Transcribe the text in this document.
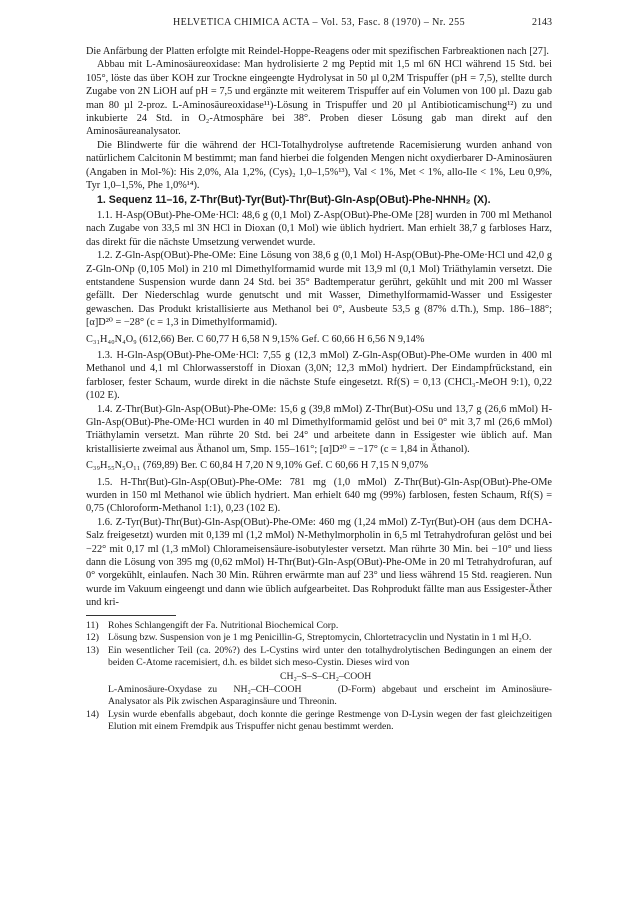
HELVETICA CHIMICA ACTA – Vol. 53, Fasc. 8 (1970) – Nr. 255	2143

Die Anfärbung der Platten erfolgte mit Reindel-Hoppe-Reagens oder mit spezifischen Farbreaktionen nach [27].

Abbau mit L-Aminosäureoxidase: Man hydrolisierte 2 mg Peptid mit 1,5 ml 6N HCl während 15 Std. bei 105°, löste das über KOH zur Trockne eingeengte Hydrolysat in 50 µl 0,2M Trispuffer (pH = 7,5), stellte durch Zugabe von 2N LiOH auf pH = 7,5 und ergänzte mit weiterem Trispuffer auf ein Volumen von 100 µl. Dazu gab man 80 µl 2-proz. L-Aminosäureoxidase¹¹)-Lösung in Trispuffer und 20 µl Antibioticamischung¹²) zu und inkubierte 24 Std. in O₂-Atmosphäre bei 38°. Proben dieser Lösung gab man direkt auf den Aminosäureanalysator.

Die Blindwerte für die während der HCl-Totalhydrolyse auftretende Racemisierung wurden anhand von natürlichem Calcitonin M bestimmt; man fand hierbei die folgenden Mengen nicht oxydierbarer D-Aminosäuren (Angaben in Mol-%): His 2,0%, Ala 1,2%, (Cys)₂ 1,0–1,5%¹³), Val < 1%, Met < 1%, allo-Ile < 1%, Leu 0,9%, Tyr 1,0–1,5%, Phe 1,0%¹⁴).

1. Sequenz 11–16, Z-Thr(But)-Tyr(But)-Thr(But)-Gln-Asp(OBut)-Phe-NHNH₂ (X).

1.1. H-Asp(OBut)-Phe-OMe·HCl: 48,6 g (0,1 Mol) Z-Asp(OBut)-Phe-OMe [28] wurden in 700 ml Methanol nach Zugabe von 33,5 ml 3N HCl in Dioxan (0,1 Mol) wie üblich hydriert. Man erhielt 38,7 g farbloses Harz, das direkt für die nächste Umsetzung verwendet wurde.

1.2. Z-Gln-Asp(OBut)-Phe-OMe: Eine Lösung von 38,6 g (0,1 Mol) H-Asp(OBut)-Phe-OMe·HCl und 42,0 g Z-Gln-ONp (0,105 Mol) in 210 ml Dimethylformamid wurde mit 13,9 ml (0,1 Mol) Triäthylamin versetzt. Die entstandene Suspension wurde dann 24 Std. bei 35° Badtemperatur gerührt, gekühlt und mit 200 ml Wasser gefällt. Der Niederschlag wurde genutscht und mit Wasser, Dimethylformamid-Wasser und Essigester gewaschen. Das Produkt kristallisierte aus Methanol bei 0°, Ausbeute 53,5 g (87% d.Th.), Smp. 186–188°; [α]D²⁰ = −28° (c = 1,3 in Dimethylformamid).

C₃₁H₄₀N₄O₉ (612,66) Ber. C 60,77 H 6,58 N 9,15% Gef. C 60,66 H 6,56 N 9,14%

1.3. H-Gln-Asp(OBut)-Phe-OMe·HCl: 7,55 g (12,3 mMol) Z-Gln-Asp(OBut)-Phe-OMe wurden in 400 ml Methanol und 4,1 ml Chlorwasserstoff in Dioxan (3,0N; 12,3 mMol) hydriert. Der Eindampfrückstand, ein farbloser, fester Schaum, wurde direkt in die nächste Stufe eingesetzt. Rf(S) = 0,13 (CHCl₃-MeOH 9:1), 0,22 (102 E).

1.4. Z-Thr(But)-Gln-Asp(OBut)-Phe-OMe: 15,6 g (39,8 mMol) Z-Thr(But)-OSu und 13,7 g (26,6 mMol) H-Gln-Asp(OBut)-Phe-OMe·HCl wurden in 40 ml Dimethylformamid gelöst und bei 0° mit 3,7 ml (26,6 mMol) Triäthylamin versetzt. Man rührte 20 Std. bei 24° und arbeitete dann in Essigester wie üblich auf. Man kristallisierte zweimal aus Äthanol um, Smp. 155–161°; [α]D²⁰ = −17° (c = 1,84 in Äthanol).

C₃₉H₅₅N₅O₁₁ (769,89) Ber. C 60,84 H 7,20 N 9,10% Gef. C 60,66 H 7,15 N 9,07%

1.5. H-Thr(But)-Gln-Asp(OBut)-Phe-OMe: 781 mg (1,0 mMol) Z-Thr(But)-Gln-Asp(OBut)-Phe-OMe wurden in 150 ml Methanol wie üblich hydriert. Man erhielt 640 mg (99%) farblosen, festen Schaum, Rf(S) = 0,75 (Chloroform-Methanol 1:1), 0,23 (102 E).

1.6. Z-Tyr(But)-Thr(But)-Gln-Asp(OBut)-Phe-OMe: 460 mg (1,24 mMol) Z-Tyr(But)-OH (aus dem DCHA-Salz freigesetzt) wurden mit 0,139 ml (1,2 mMol) N-Methylmorpholin in 6,5 ml Tetrahydrofuran gelöst und bei −22° mit 0,17 ml (1,3 mMol) Chlorameisensäure-isobutylester versetzt. Man rührte 30 Min. bei −10° und liess dann die Lösung von 395 mg (0,62 mMol) H-Thr(But)-Gln-Asp(OBut)-Phe-OMe in 20 ml Tetrahydrofuran, auf 0° vorgekühlt, einlaufen. Nach 30 Min. Rühren erwärmte man auf 23° und liess während 15 Std. reagieren. Nun wurde im Vakuum eingeengt und dann wie üblich aufgearbeitet. Das Rohprodukt fällte man aus Essigester-Äther und kri-

11) Rohes Schlangengift der Fa. Nutritional Biochemical Corp.
12) Lösung bzw. Suspension von je 1 mg Penicillin-G, Streptomycin, Chlortetracyclin und Nystatin in 1 ml H₂O.
13) Ein wesentlicher Teil (ca. 20%?) des L-Cystins wird unter den totalhydrolytischen Bedingungen an einem der beiden C-Atome racemisiert, d.h. es bildet sich meso-Cystin. Dieses wird von
CH₂–S–S–CH₂–COOH
L-Aminosäure-Oxydase zu NH₂–CH–COOH	(D-Form) abgebaut und erscheint im Aminosäure-Analysator als Pik zwischen Asparaginsäure und Threonin.
14) Lysin wurde ebenfalls abgebaut, doch konnte die geringe Restmenge von D-Lysin wegen der fast gleichzeitigen Elution mit einem Fremdpik aus Trispuffer nicht genau bestimmt werden.
